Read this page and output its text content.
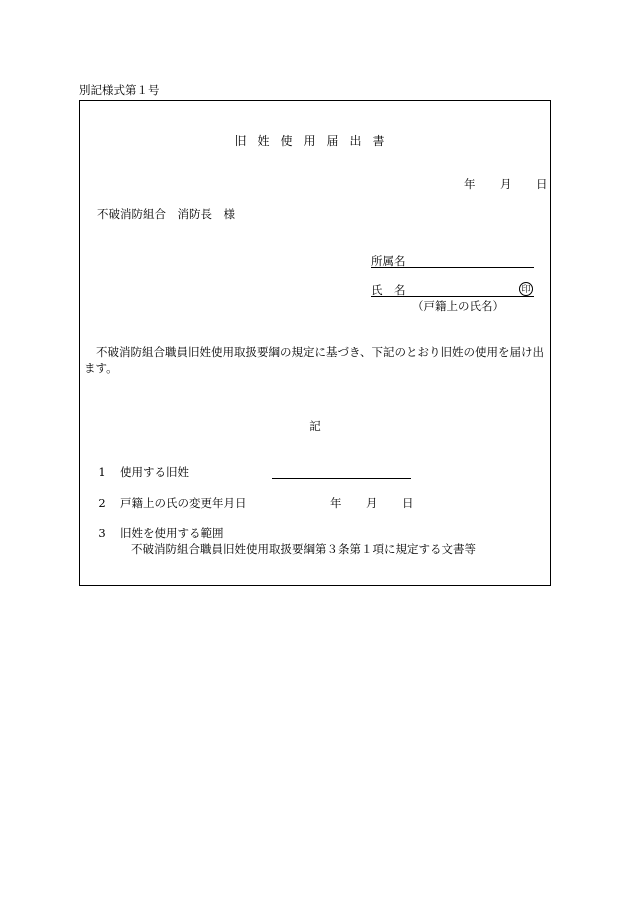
別記様式第１号
旧姓使用届出書
年 月 日
不破消防組合　消防長　様
所属名
氏　名	印
（戸籍上の氏名）
不破消防組合職員旧姓使用取扱要綱の規定に基づき、下記のとおり旧姓の使用を届け出ます。
記
1 使用する旧姓
2 戸籍上の氏の変更年月日	年 月 日
3 旧姓を使用する範囲
不破消防組合職員旧姓使用取扱要綱第３条第１項に規定する文書等
